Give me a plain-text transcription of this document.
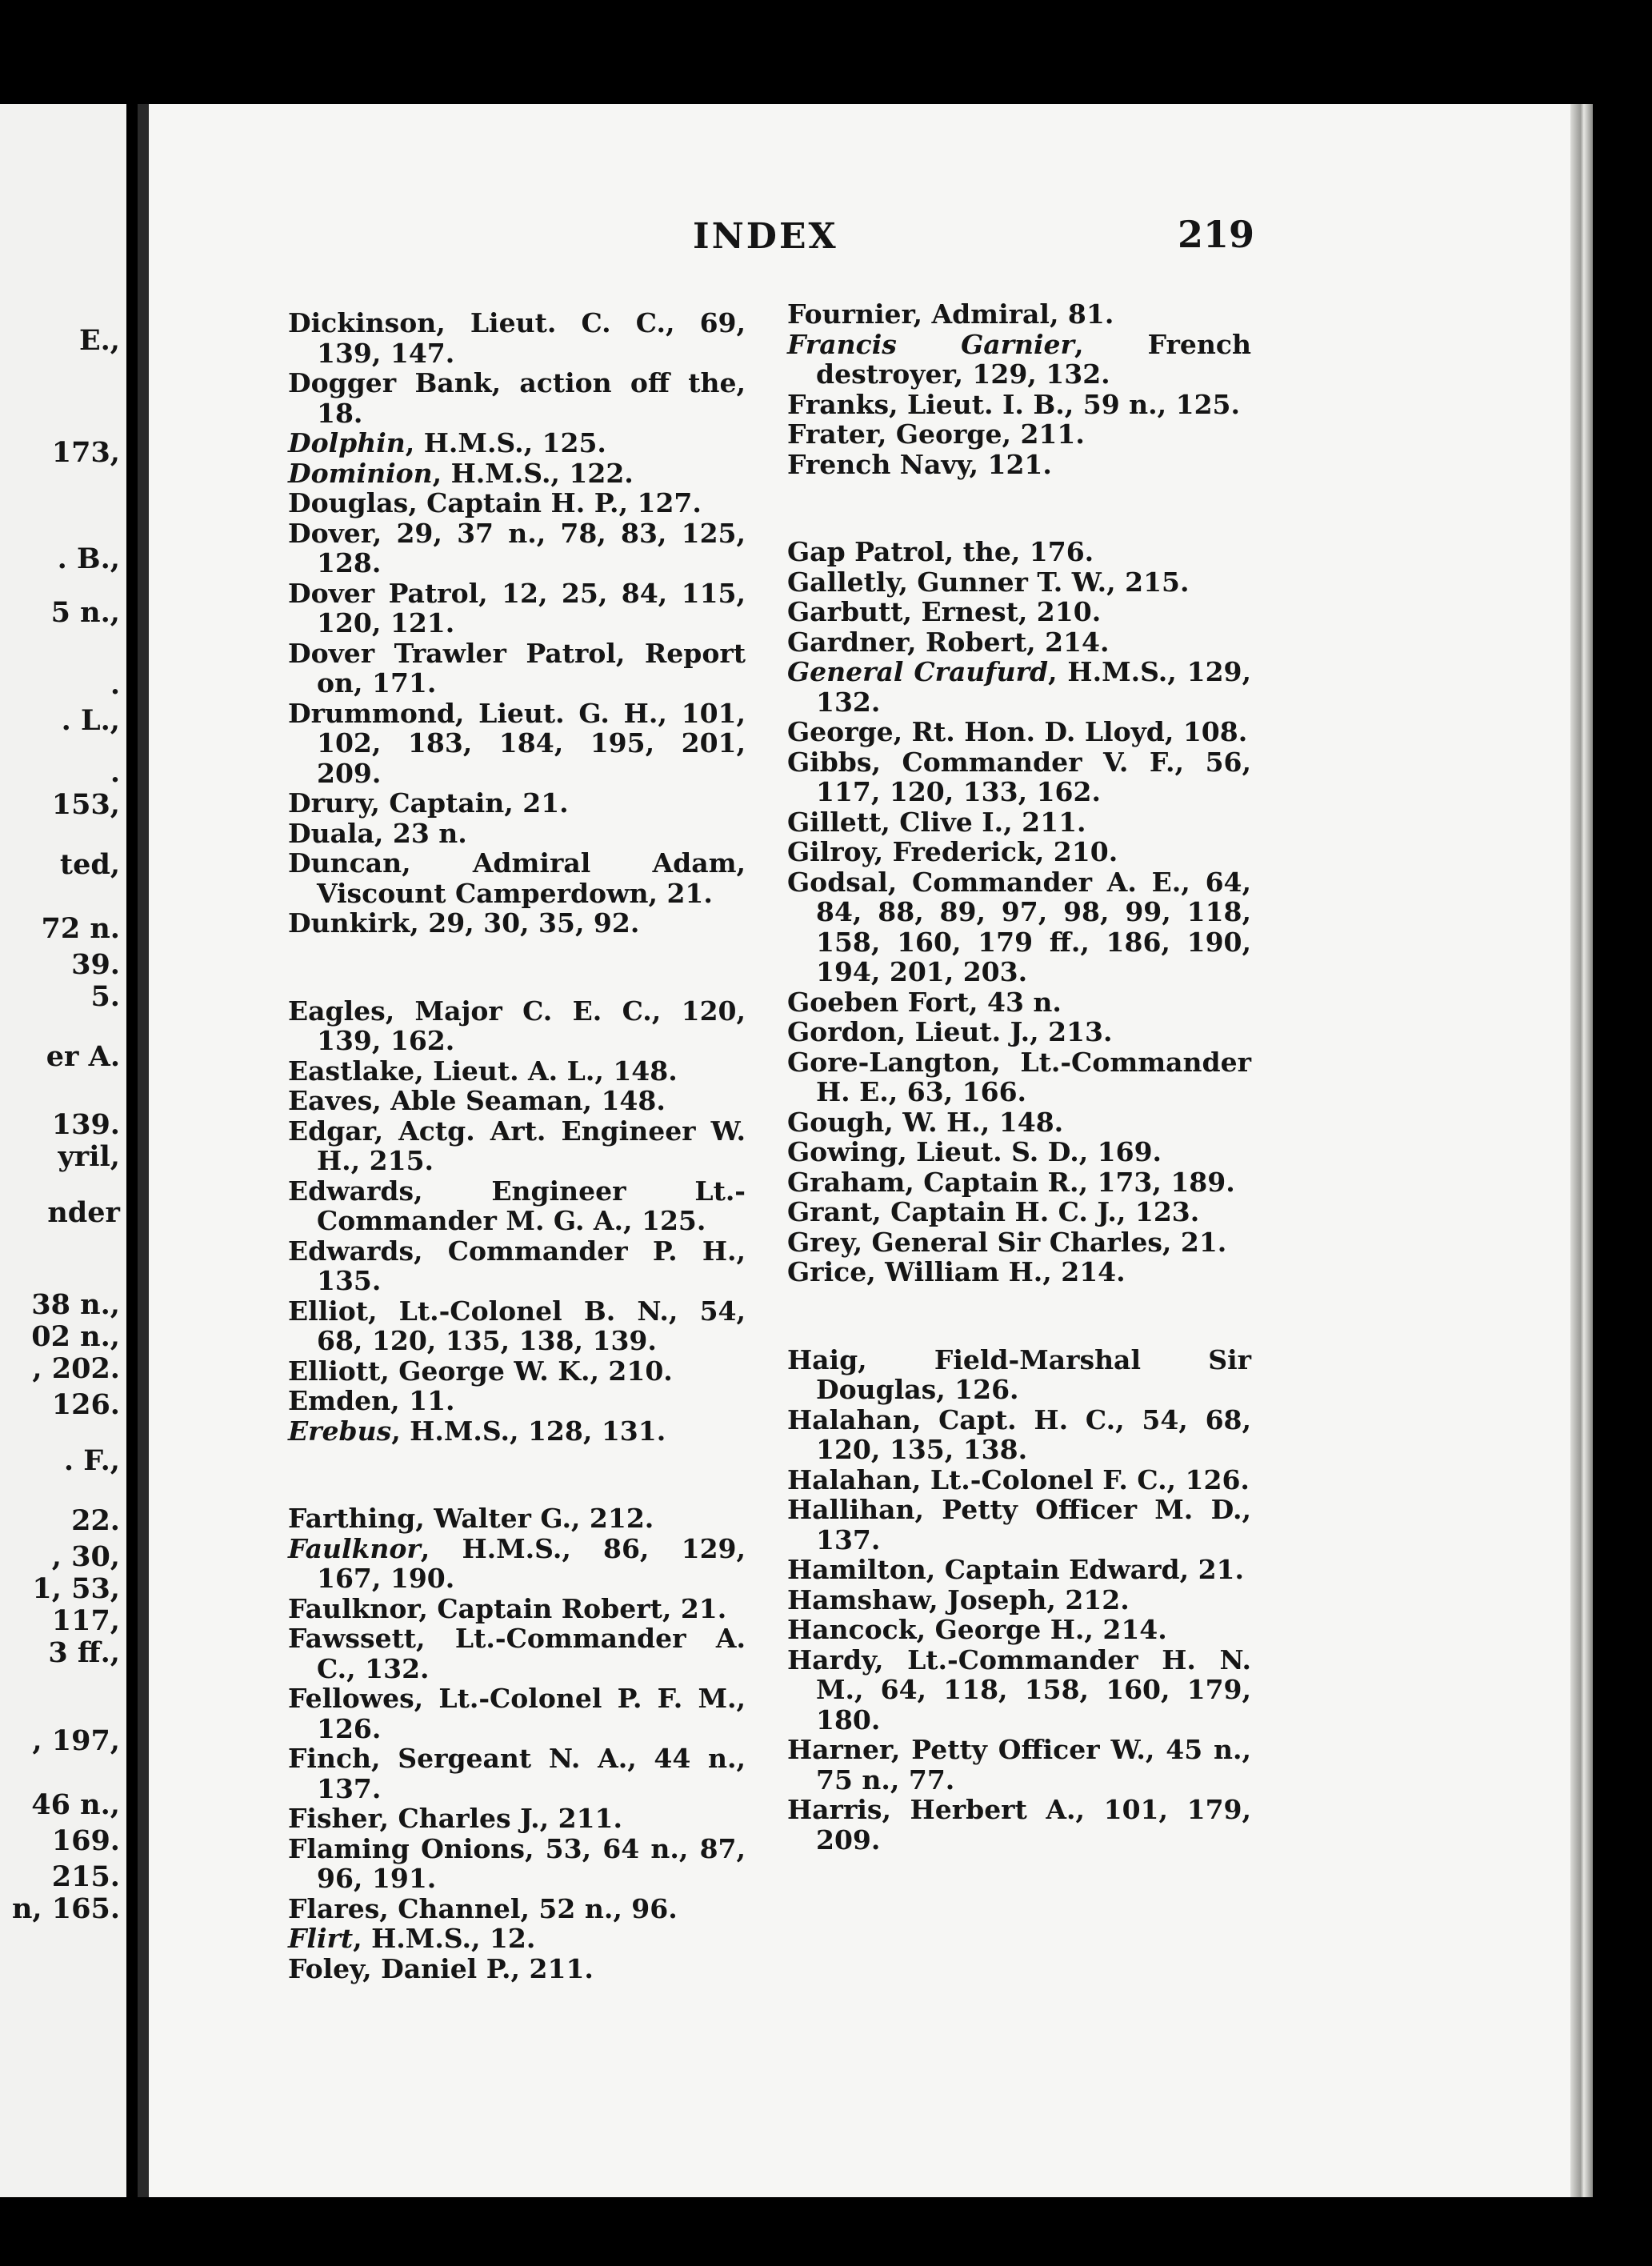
E.,
173,
. B.,
5 n.,
.
. L.,
.
153,
ted,
72 n.
39.
5.
er A.
139.
yril,
nder
38 n.,
02 n.,
, 202.
126.
. F.,
22.
, 30,
1, 53,
117,
3 ff.,
, 197,
46 n.,
169.
215.
n, 165.
INDEX	219
Dickinson, Lieut. C. C., 69, 139, 147.
Dogger Bank, action off the, 18.
Dolphin, H.M.S., 125.
Dominion, H.M.S., 122.
Douglas, Captain H. P., 127.
Dover, 29, 37 n., 78, 83, 125, 128.
Dover Patrol, 12, 25, 84, 115, 120, 121.
Dover Trawler Patrol, Report on, 171.
Drummond, Lieut. G. H., 101, 102, 183, 184, 195, 201, 209.
Drury, Captain, 21.
Duala, 23 n.
Duncan, Admiral Adam, Viscount Camperdown, 21.
Dunkirk, 29, 30, 35, 92.
Eagles, Major C. E. C., 120, 139, 162.
Eastlake, Lieut. A. L., 148.
Eaves, Able Seaman, 148.
Edgar, Actg. Art. Engineer W. H., 215.
Edwards, Engineer Lt.-Commander M. G. A., 125.
Edwards, Commander P. H., 135.
Elliot, Lt.-Colonel B. N., 54, 68, 120, 135, 138, 139.
Elliott, George W. K., 210.
Emden, 11.
Erebus, H.M.S., 128, 131.
Farthing, Walter G., 212.
Faulknor, H.M.S., 86, 129, 167, 190.
Faulknor, Captain Robert, 21.
Fawssett, Lt.-Commander A. C., 132.
Fellowes, Lt.-Colonel P. F. M., 126.
Finch, Sergeant N. A., 44 n., 137.
Fisher, Charles J., 211.
Flaming Onions, 53, 64 n., 87, 96, 191.
Flares, Channel, 52 n., 96.
Flirt, H.M.S., 12.
Foley, Daniel P., 211.
Fournier, Admiral, 81.
Francis Garnier, French destroyer, 129, 132.
Franks, Lieut. I. B., 59 n., 125.
Frater, George, 211.
French Navy, 121.
Gap Patrol, the, 176.
Galletly, Gunner T. W., 215.
Garbutt, Ernest, 210.
Gardner, Robert, 214.
General Craufurd, H.M.S., 129, 132.
George, Rt. Hon. D. Lloyd, 108.
Gibbs, Commander V. F., 56, 117, 120, 133, 162.
Gillett, Clive I., 211.
Gilroy, Frederick, 210.
Godsal, Commander A. E., 64, 84, 88, 89, 97, 98, 99, 118, 158, 160, 179 ff., 186, 190, 194, 201, 203.
Goeben Fort, 43 n.
Gordon, Lieut. J., 213.
Gore-Langton, Lt.-Commander H. E., 63, 166.
Gough, W. H., 148.
Gowing, Lieut. S. D., 169.
Graham, Captain R., 173, 189.
Grant, Captain H. C. J., 123.
Grey, General Sir Charles, 21.
Grice, William H., 214.
Haig, Field-Marshal Sir Douglas, 126.
Halahan, Capt. H. C., 54, 68, 120, 135, 138.
Halahan, Lt.-Colonel F. C., 126.
Hallihan, Petty Officer M. D., 137.
Hamilton, Captain Edward, 21.
Hamshaw, Joseph, 212.
Hancock, George H., 214.
Hardy, Lt.-Commander H. N. M., 64, 118, 158, 160, 179, 180.
Harner, Petty Officer W., 45 n., 75 n., 77.
Harris, Herbert A., 101, 179, 209.
